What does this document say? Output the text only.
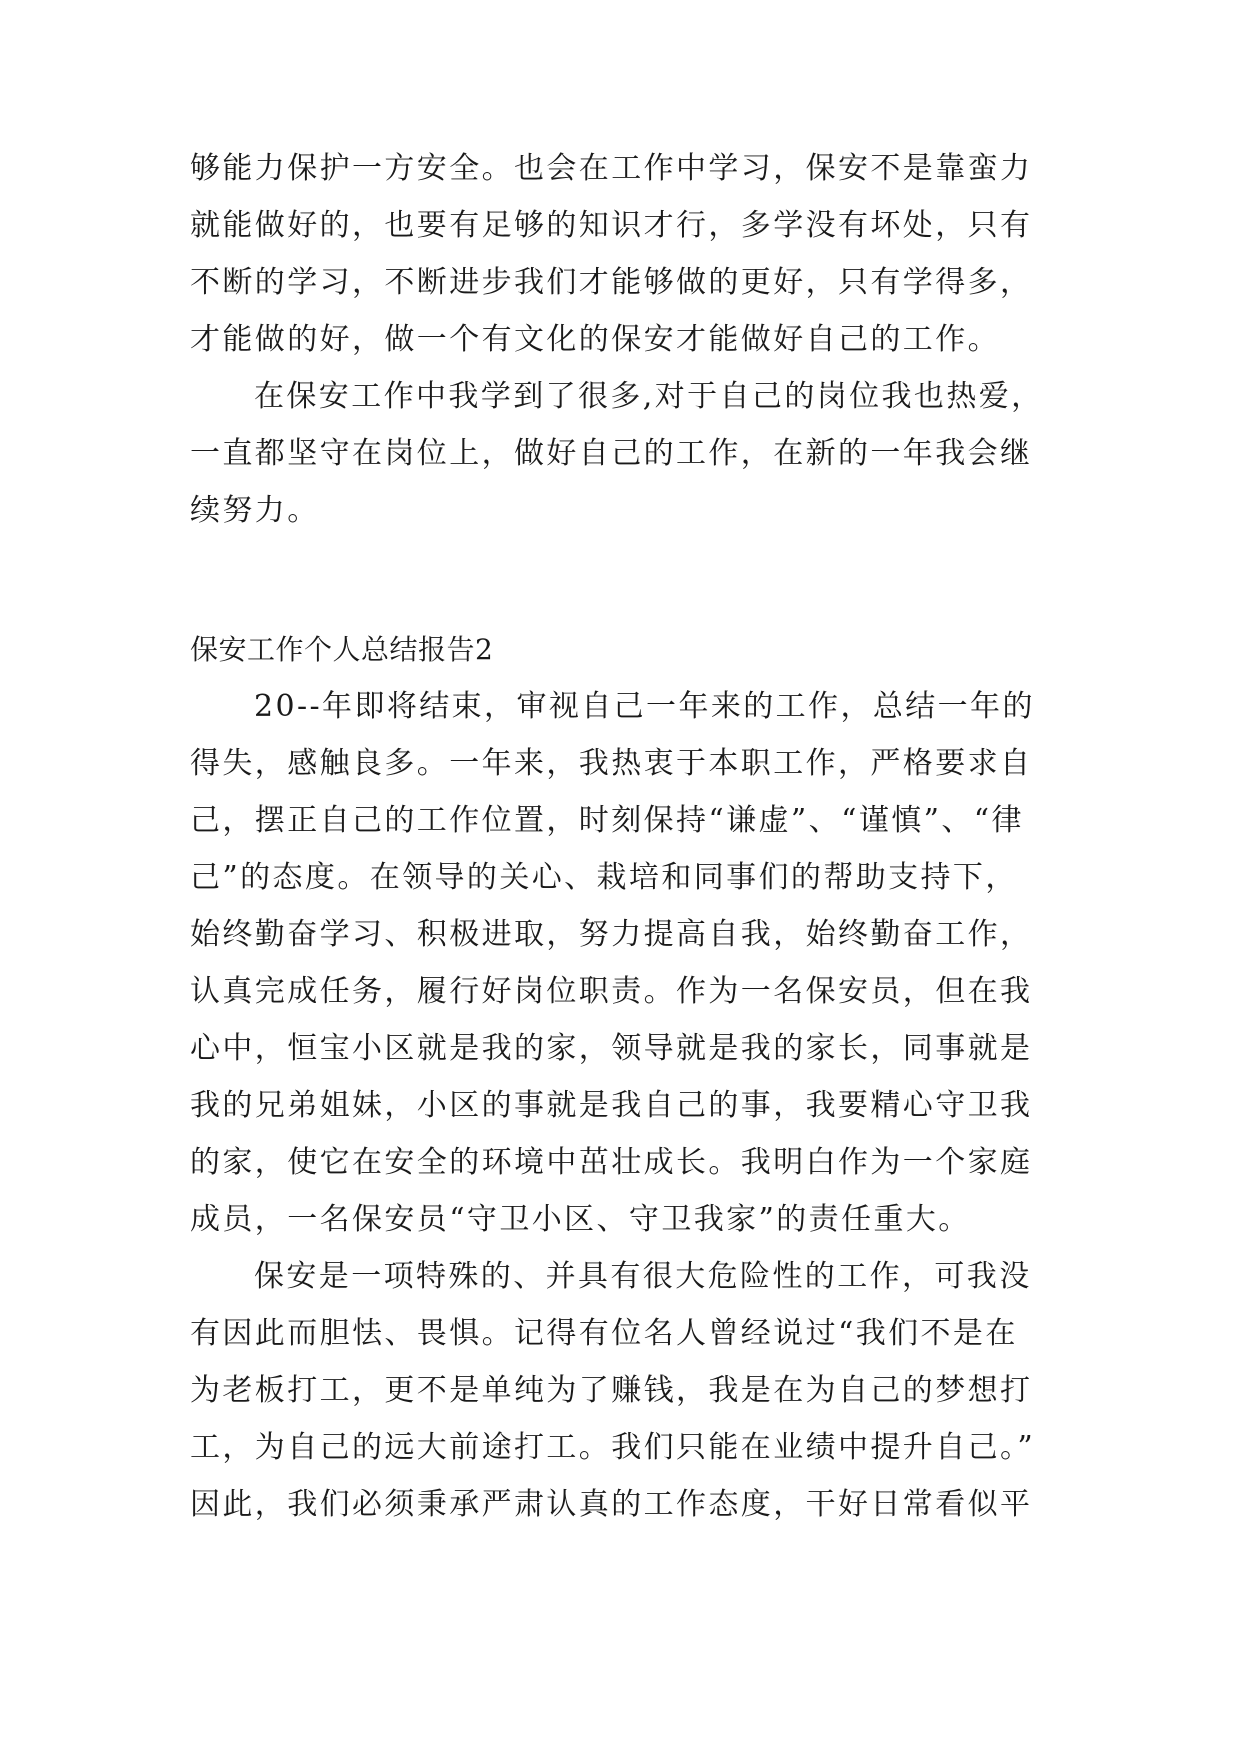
够能力保护一方安全。也会在工作中学习，保安不是靠蛮力
就能做好的，也要有足够的知识才行，多学没有坏处，只有
不断的学习，不断进步我们才能够做的更好，只有学得多，
才能做的好，做一个有文化的保安才能做好自己的工作。
在保安工作中我学到了很多,对于自己的岗位我也热爱，
一直都坚守在岗位上，做好自己的工作，在新的一年我会继
续努力。
保安工作个人总结报告2
20--年即将结束，审视自己一年来的工作，总结一年的
得失，感触良多。一年来，我热衷于本职工作，严格要求自
己，摆正自己的工作位置，时刻保持“谦虚”、“谨慎”、“律
己”的态度。在领导的关心、栽培和同事们的帮助支持下，
始终勤奋学习、积极进取，努力提高自我，始终勤奋工作，
认真完成任务，履行好岗位职责。作为一名保安员，但在我
心中，恒宝小区就是我的家，领导就是我的家长，同事就是
我的兄弟姐妹，小区的事就是我自己的事，我要精心守卫我
的家，使它在安全的环境中茁壮成长。我明白作为一个家庭
成员，一名保安员“守卫小区、守卫我家”的责任重大。
保安是一项特殊的、并具有很大危险性的工作，可我没
有因此而胆怯、畏惧。记得有位名人曾经说过“我们不是在
为老板打工，更不是单纯为了赚钱，我是在为自己的梦想打
工，为自己的远大前途打工。我们只能在业绩中提升自己。”
因此，我们必须秉承严肃认真的工作态度，干好日常看似平
